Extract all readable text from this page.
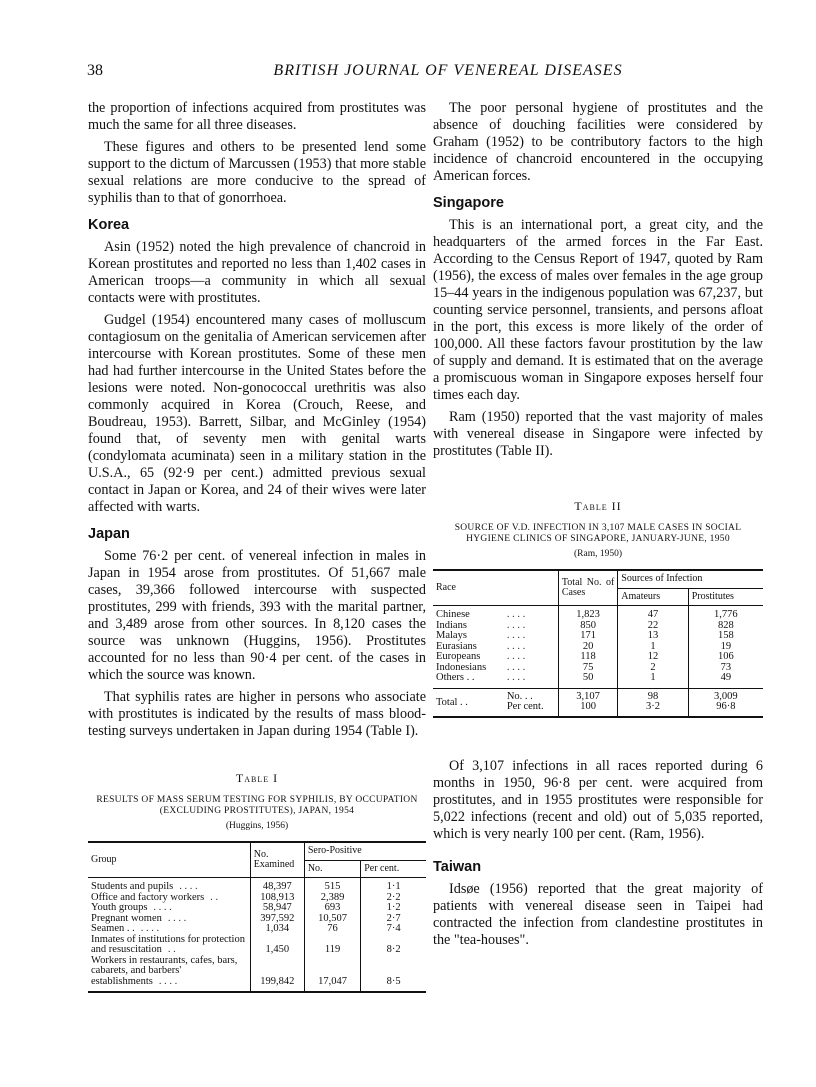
38	BRITISH JOURNAL OF VENEREAL DISEASES

the proportion of infections acquired from prostitutes was much the same for all three diseases.

These figures and others to be presented lend some support to the dictum of Marcussen (1953) that more stable sexual relations are more conducive to the spread of syphilis than to that of gonorrhoea.

Korea

Asin (1952) noted the high prevalence of chancroid in Korean prostitutes and reported no less than 1,402 cases in American troops—a community in which all sexual contacts were with prostitutes.

Gudgel (1954) encountered many cases of molluscum contagiosum on the genitalia of American servicemen after intercourse with Korean prostitutes. Some of these men had had further intercourse in the United States before the lesions were noted. Non-gonococcal urethritis was also commonly acquired in Korea (Crouch, Reese, and Boudreau, 1953). Barrett, Silbar, and McGinley (1954) found that, of seventy men with genital warts (condylomata acuminata) seen in a military station in the U.S.A., 65 (92·9 per cent.) admitted previous sexual contact in Japan or Korea, and 24 of their wives were later affected with warts.

Japan

Some 76·2 per cent. of venereal infection in males in Japan in 1954 arose from prostitutes. Of 51,667 male cases, 39,366 followed intercourse with suspected prostitutes, 299 with friends, 393 with the marital partner, and 3,489 arose from other sources. In 8,120 cases the source was unknown (Huggins, 1956). Prostitutes accounted for no less than 90·4 per cent. of the cases in which the source was known.

That syphilis rates are higher in persons who associate with prostitutes is indicated by the results of mass blood-testing surveys undertaken in Japan during 1954 (Table I).

Table I
RESULTS OF MASS SERUM TESTING FOR SYPHILIS, BY OCCUPATION (EXCLUDING PROSTITUTES), JAPAN, 1954
(Huggins, 1956)
Group	No. Examined	Sero-Positive	
		No.	Per cent.
Students and pupils . . . .	48,397	515	1·1
Office and factory workers . .	108,913	2,389	2·2
Youth groups . . . .	58,947	693	1·2
Pregnant women . . . .	397,592	10,507	2·7
Seamen . . . . . .	1,034	76	7·4
Inmates of institutions for protection and resuscitation . .	1,450	119	8·2
Workers in restaurants, cafes, bars, cabarets, and barbers' establishments . . . .	199,842	17,047	8·5

The poor personal hygiene of prostitutes and the absence of douching facilities were considered by Graham (1952) to be contributory factors to the high incidence of chancroid encountered in the occupying American forces.

Singapore

This is an international port, a great city, and the headquarters of the armed forces in the Far East. According to the Census Report of 1947, quoted by Ram (1956), the excess of males over females in the age group 15–44 years in the indigenous population was 67,237, but counting service personnel, transients, and persons afloat in the port, this excess is more likely of the order of 100,000. All these factors favour prostitution by the law of supply and demand. It is estimated that on the average a promiscuous woman in Singapore exposes herself four times each day.

Ram (1950) reported that the vast majority of males with venereal disease in Singapore were infected by prostitutes (Table II).

Table II
SOURCE OF V.D. INFECTION IN 3,107 MALE CASES IN SOCIAL HYGIENE CLINICS OF SINGAPORE, JANUARY-JUNE, 1950
(Ram, 1950)
Race		Total No. of Cases	Sources of Infection	
			Amateurs	Prostitutes
Chinese	. . . .	1,823	47	1,776
Indians	. . . .	850	22	828
Malays	. . . .	171	13	158
Eurasians	. . . .	20	1	19
Europeans	. . . .	118	12	106
Indonesians	. . . .	75	2	73
Others . .	. . . .	50	1	49
Total . .	No. . .	3,107	98	3,009
	Per cent.	100	3·2	96·8

Of 3,107 infections in all races reported during 6 months in 1950, 96·8 per cent. were acquired from prostitutes, and in 1955 prostitutes were responsible for 5,022 infections (recent and old) out of 5,035 reported, which is very nearly 100 per cent. (Ram, 1956).

Taiwan

Idsøe (1956) reported that the great majority of patients with venereal disease seen in Taipei had contracted the infection from clandestine prostitutes in the "tea-houses".
